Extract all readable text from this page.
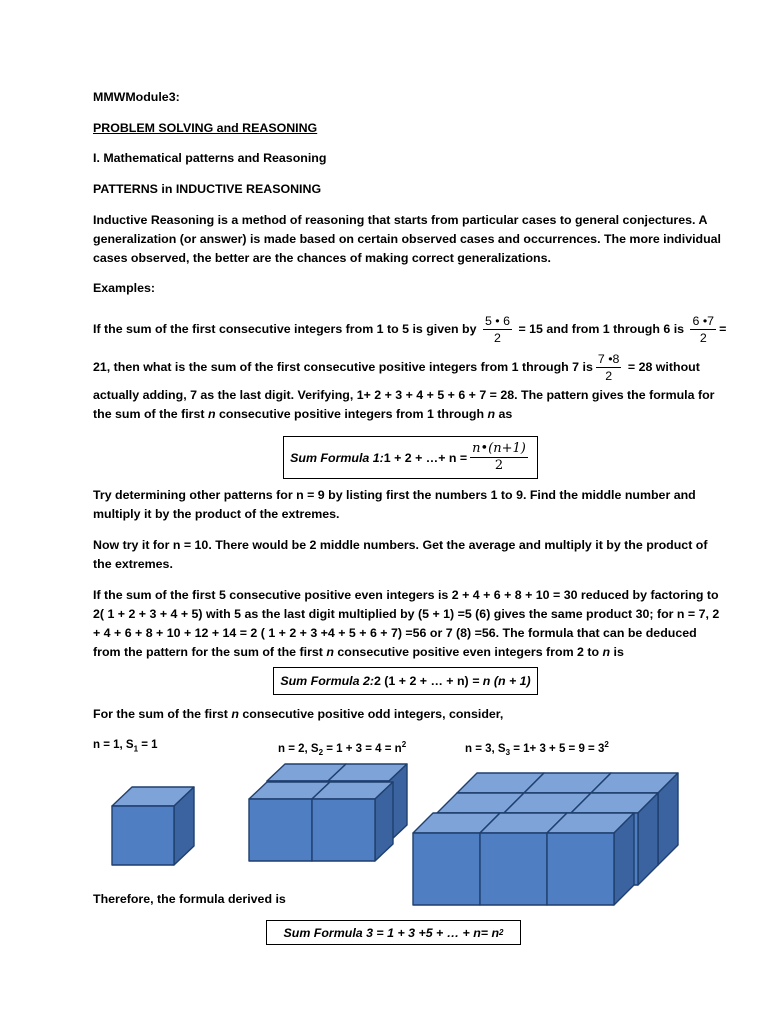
MMWModule3:
PROBLEM SOLVING and REASONING
I. Mathematical patterns and Reasoning
PATTERNS in INDUCTIVE REASONING
Inductive Reasoning is a method of reasoning that starts from particular cases to general conjectures. A
generalization (or answer) is made based on certain observed cases and occurrences. The more individual
cases observed, the better are the chances of making correct generalizations.
Examples:
If the sum of the first consecutive integers from 1 to 5 is given by $\frac{5 • 6}{2} = 15$ and from 1 through 6 is $\frac{6 •7}{2}$ =
21, then what is the sum of the first consecutive positive integers from 1 through 7 is $\frac{7 •8}{2} = 28$ without
actually adding, 7 as the last digit. Verifying, 1+ 2 + 3 + 4 + 5 + 6 + 7 = 28. The pattern gives the formula for
the sum of the first n consecutive positive integers from 1 through n as
Sum Formula 1: 1 + 2 + …+ $n = \frac{n•(n+1)}{2}$
Try determining other patterns for n = 9 by listing first the numbers 1 to 9. Find the middle number and
multiply it by the product of the extremes.
Now try it for n = 10. There would be 2 middle numbers. Get the average and multiply it by the product of
the extremes.
If the sum of the first 5 consecutive positive even integers is 2 + 4 + 6 + 8 + 10 = 30 reduced by factoring to
2( 1 + 2 + 3 + 4 + 5) with 5 as the last digit multiplied by (5 + 1) =5 (6) gives the same product 30; for n = 7, 2
+ 4 + 6 + 8 + 10 + 12 + 14 = 2 ( 1 + 2 + 3 +4 + 5 + 6 + 7) =56 or 7 (8) =56. The formula that can be deduced
from the pattern for the sum of the first n consecutive positive even integers from 2 to n is
Sum Formula 2: 2 (1 + 2 + … + n)
= n (n + 1)
For the sum of the first n consecutive positive odd integers, consider,
n = 1, $S_1 = 1$	n = 2, $S_2 = 1 + 3 = 4 = n^2$	n = 3, $S_3 = 1+ 3 + 5 = 9 = 3^2$
Therefore, the formula derived is
Sum Formula 3 = 1 + 3 +5 + … + n = n 2
